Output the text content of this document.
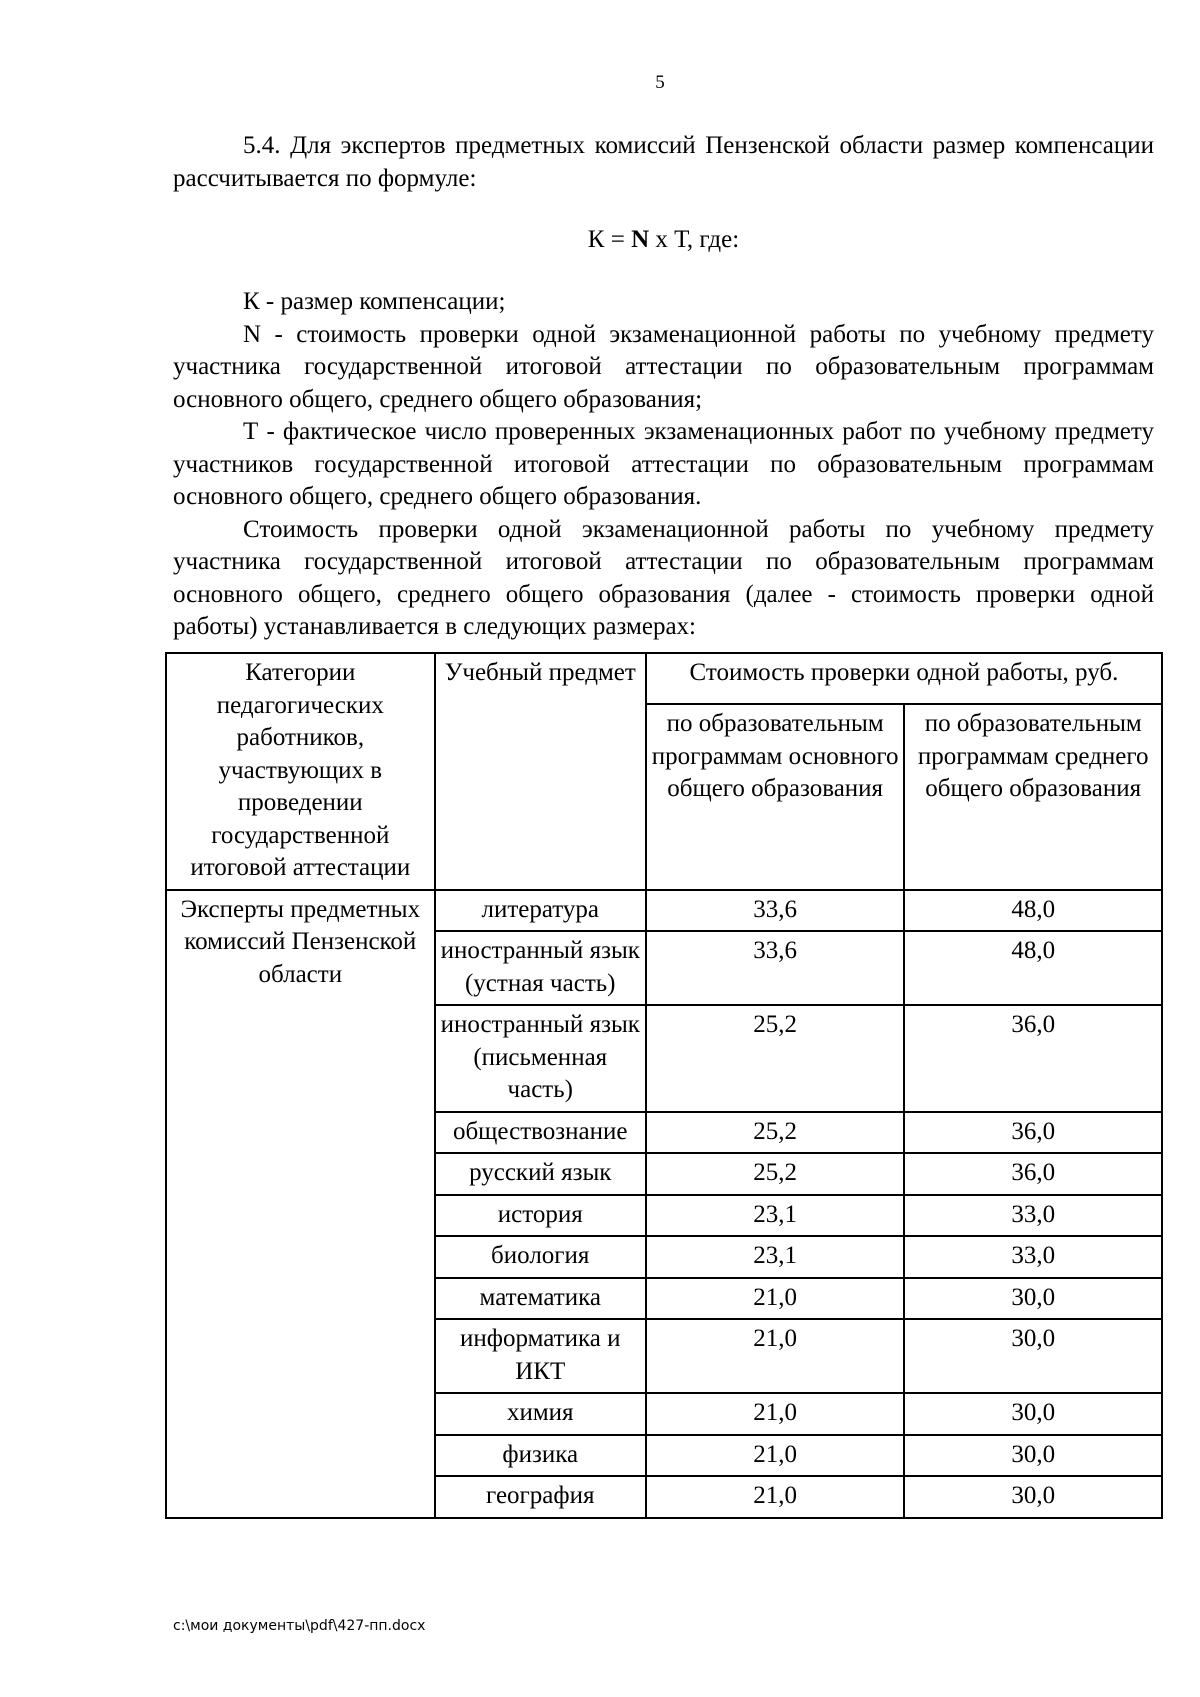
5

5.4. Для экспертов предметных комиссий Пензенской области размер компенсации рассчитывается по формуле:

К = N х Т, где:

К - размер компенсации;

N - стоимость проверки одной экзаменационной работы по учебному предмету участника государственной итоговой аттестации по образовательным программам основного общего, среднего общего образования;

Т - фактическое число проверенных экзаменационных работ по учебному предмету участников государственной итоговой аттестации по образовательным программам основного общего, среднего общего образования.

Стоимость проверки одной экзаменационной работы по учебному предмету участника государственной итоговой аттестации по образовательным программам основного общего, среднего общего образования (далее - стоимость проверки одной работы) устанавливается в следующих размерах:

Категории педагогических работников, участвующих в проведении государственной итоговой аттестации	Учебный предмет	Стоимость проверки одной работы, руб.	
		по образовательным программам основного общего образования	по образовательным программам среднего общего образования
Эксперты предметных комиссий Пензенской области	литература	33,6	48,0
	иностранный язык (устная часть)	33,6	48,0
	иностранный язык (письменная часть)	25,2	36,0
	обществознание	25,2	36,0
	русский язык	25,2	36,0
	история	23,1	33,0
	биология	23,1	33,0
	математика	21,0	30,0
	информатика и ИКТ	21,0	30,0
	химия	21,0	30,0
	физика	21,0	30,0
	география	21,0	30,0
c:\мои документы\pdf\427-пп.docx
